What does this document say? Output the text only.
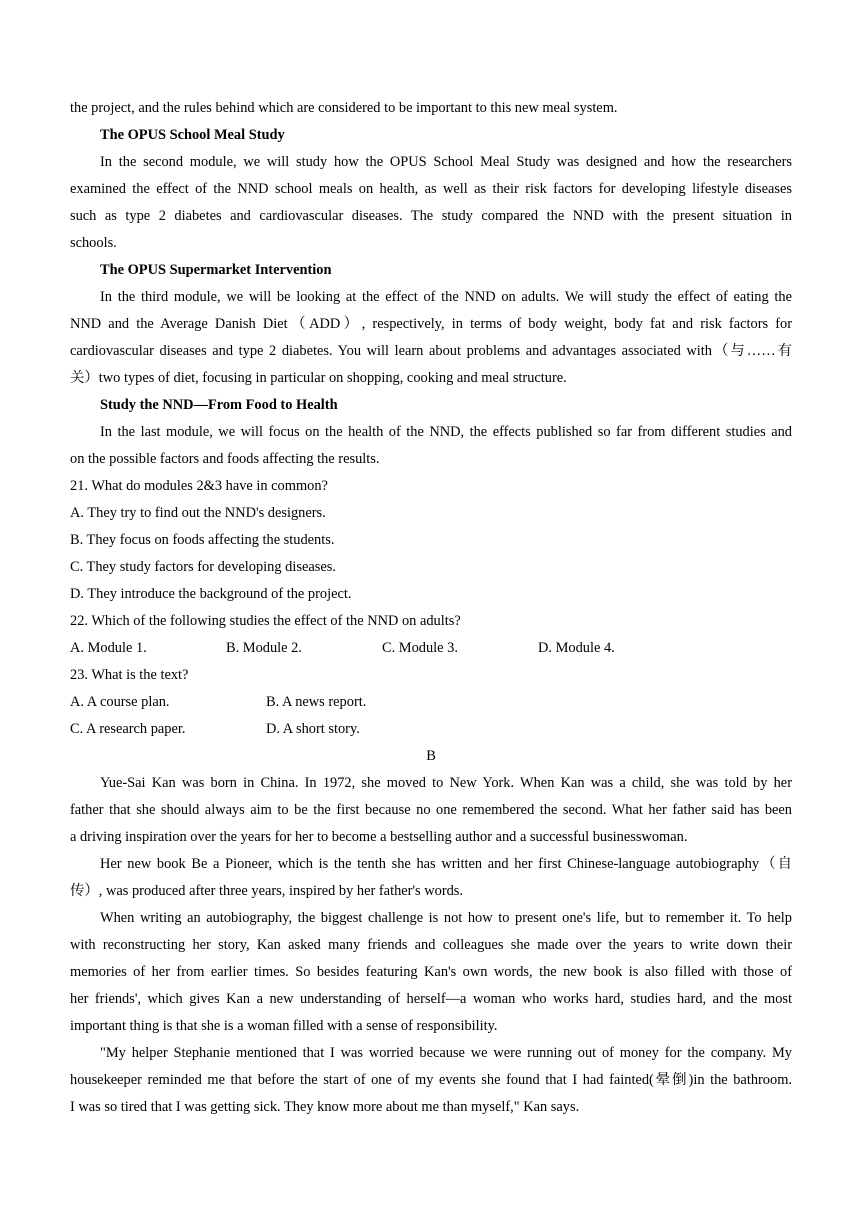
the project, and the rules behind which are considered to be important to this new meal system.
The OPUS School Meal Study
In the second module, we will study how the OPUS School Meal Study was designed and how the researchers
examined the effect of the NND school meals on health, as well as their risk factors for developing lifestyle diseases
such as type 2 diabetes and cardiovascular diseases. The study compared the NND with the present situation in
schools.
The OPUS Supermarket Intervention
In the third module, we will be looking at the effect of the NND on adults. We will study the effect of eating the
NND and the Average Danish Diet（ADD）, respectively, in terms of body weight, body fat and risk factors for
cardiovascular diseases and type 2 diabetes. You will learn about problems and advantages associated with（与……有
关）two types of diet, focusing in particular on shopping, cooking and meal structure.
Study the NND—From Food to Health
In the last module, we will focus on the health of the NND, the effects published so far from different studies and
on the possible factors and foods affecting the results.
21. What do modules 2&3 have in common?
A. They try to find out the NND's designers.
B. They focus on foods affecting the students.
C. They study factors for developing diseases.
D. They introduce the background of the project.
22. Which of the following studies the effect of the NND on adults?
A. Module 1.	B. Module 2.	C. Module 3.	D. Module 4.
23. What is the text?
A. A course plan.	B. A news report.
C. A research paper.	D. A short story.
B
Yue-Sai Kan was born in China. In 1972, she moved to New York. When Kan was a child, she was told by her
father that she should always aim to be the first because no one remembered the second. What her father said has been
a driving inspiration over the years for her to become a bestselling author and a successful businesswoman.
Her new book Be a Pioneer, which is the tenth she has written and her first Chinese-language autobiography（自
传）, was produced after three years, inspired by her father's words.
When writing an autobiography, the biggest challenge is not how to present one's life, but to remember it. To help
with reconstructing her story, Kan asked many friends and colleagues she made over the years to write down their
memories of her from earlier times. So besides featuring Kan's own words, the new book is also filled with those of
her friends', which gives Kan a new understanding of herself—a woman who works hard, studies hard, and the most
important thing is that she is a woman filled with a sense of responsibility.
"My helper Stephanie mentioned that I was worried because we were running out of money for the company. My
housekeeper reminded me that before the start of one of my events she found that I had fainted(晕倒)in the bathroom.
I was so tired that I was getting sick. They know more about me than myself," Kan says.
